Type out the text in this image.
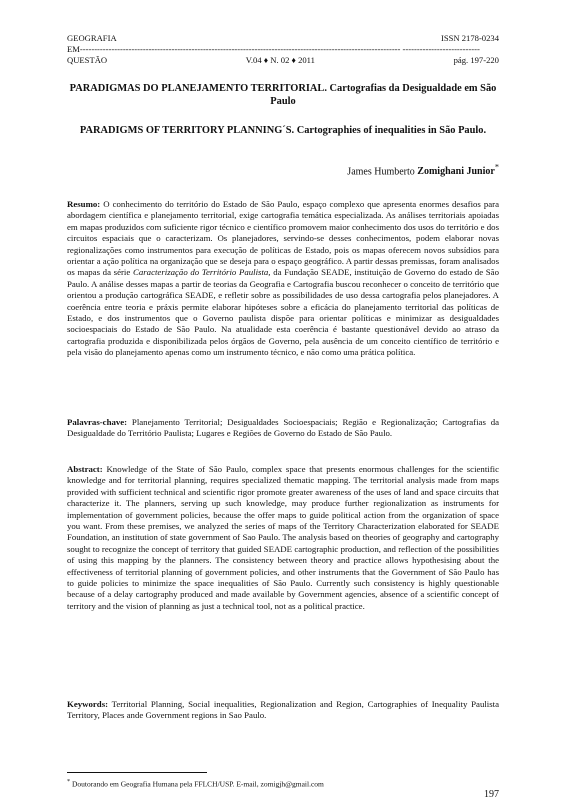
GEOGRAFIA	ISSN 2178-0234
EM---------------------------------------------------------------------------------------------------------------- ---------------------------
QUESTÃO	V.04 ♦ N. 02 ♦ 2011	pág. 197-220
PARADIGMAS DO PLANEJAMENTO TERRITORIAL. Cartografias da Desigualdade em São Paulo
PARADIGMS OF TERRITORY PLANNING´S. Cartographies of inequalities in São Paulo.
James Humberto Zomighani Junior*

Resumo: O conhecimento do território do Estado de São Paulo, espaço complexo que apresenta enormes desafios para abordagem científica e planejamento territorial, exige cartografia temática especializada. As análises territoriais apoiadas em mapas produzidos com suficiente rigor técnico e científico promovem maior conhecimento dos usos do território e dos circuitos espaciais que o caracterizam. Os planejadores, servindo-se desses conhecimentos, podem elaborar novas regionalizações como instrumentos para execução de políticas de Estado, pois os mapas oferecem novos subsídios para orientar a ação política na organização que se deseja para o espaço geográfico. A partir dessas premissas, foram analisados os mapas da série Caracterização do Território Paulista, da Fundação SEADE, instituição de Governo do estado de São Paulo. A análise desses mapas a partir de teorias da Geografia e Cartografia buscou reconhecer o conceito de território que orientou a produção cartográfica SEADE, e refletir sobre as possibilidades de uso dessa cartografia pelos planejadores. A coerência entre teoria e práxis permite elaborar hipóteses sobre a eficácia do planejamento territorial das políticas de Estado, e dos instrumentos que o Governo paulista dispõe para orientar políticas e minimizar as desigualdades socioespaciais do Estado de São Paulo. Na atualidade esta coerência é bastante questionável devido ao atraso da cartografia produzida e disponibilizada pelos órgãos de Governo, pela ausência de um conceito científico de território e pela visão do planejamento apenas como um instrumento técnico, e não como uma prática política.

Palavras-chave: Planejamento Territorial; Desigualdades Socioespaciais; Região e Regionalização; Cartografias da Desigualdade do Território Paulista; Lugares e Regiões de Governo do Estado de São Paulo.

Abstract: Knowledge of the State of São Paulo, complex space that presents enormous challenges for the scientific knowledge and for territorial planning, requires specialized thematic mapping. The territorial analysis made from maps provided with sufficient technical and scientific rigor promote greater awareness of the uses of land and space circuits that characterize it. The planners, serving up such knowledge, may produce further regionalization as instruments for implementation of government policies, because the offer maps to guide political action from the organization of space you want. From these premises, we analyzed the series of maps of the Territory Characterization elaborated for SEADE Foundation, an institution of state government of Sao Paulo. The analysis based on theories of geography and cartography sought to recognize the concept of territory that guided SEADE cartographic production, and reflection of the possibilities of using this mapping by the planners. The consistency between theory and practice allows hypothesising about the effectiveness of territorial planning of government policies, and other instruments that the Government of São Paulo has to guide policies to minimize the space inequalities of São Paulo. Currently such consistency is highly questionable because of a delay cartography produced and made available by Government agencies, absence of a scientific concept of territory and the vision of planning as just a technical tool, not as a political practice.

Keywords: Territorial Planning, Social inequalities, Regionalization and Region, Cartographies of Inequality Paulista Territory, Places ande Government regions in Sao Paulo.

* Doutorando em Geografia Humana pela FFLCH/USP. E-mail, zomigjh@gmail.com
197
